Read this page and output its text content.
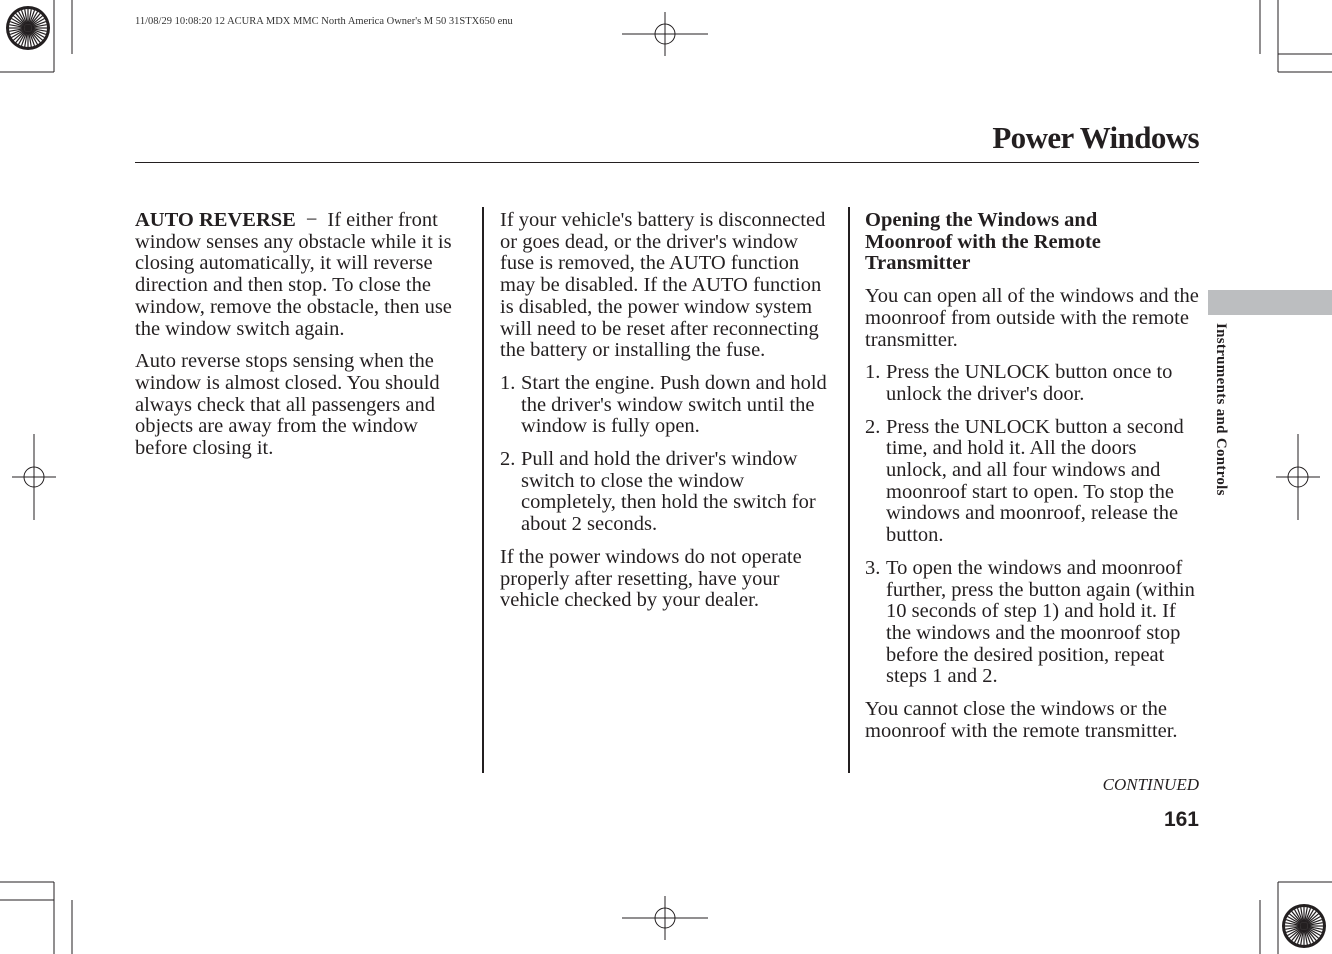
11/08/29 10:08:20 12 ACURA MDX MMC North America Owner's M 50 31STX650 enu
Power Windows
Instruments and Controls

AUTO REVERSE − If either front window senses any obstacle while it is closing automatically, it will reverse direction and then stop. To close the window, remove the obstacle, then use the window switch again.

Auto reverse stops sensing when the window is almost closed. You should always check that all passengers and objects are away from the window before closing it.

If your vehicle's battery is disconnected or goes dead, or the driver's window fuse is removed, the AUTO function may be disabled. If the AUTO function is disabled, the power window system will need to be reset after reconnecting the battery or installing the fuse.

1. Start the engine. Push down and hold the driver's window switch until the window is fully open.
2. Pull and hold the driver's window switch to close the window completely, then hold the switch for about 2 seconds.

If the power windows do not operate properly after resetting, have your vehicle checked by your dealer.

Opening the Windows and Moonroof with the Remote Transmitter

You can open all of the windows and the moonroof from outside with the remote transmitter.

1. Press the UNLOCK button once to unlock the driver's door.
2. Press the UNLOCK button a second time, and hold it. All the doors unlock, and all four windows and moonroof start to open. To stop the windows and moonroof, release the button.
3. To open the windows and moonroof further, press the button again (within 10 seconds of step 1) and hold it. If the windows and the moonroof stop before the desired position, repeat steps 1 and 2.

You cannot close the windows or the moonroof with the remote transmitter.

CONTINUED
161
